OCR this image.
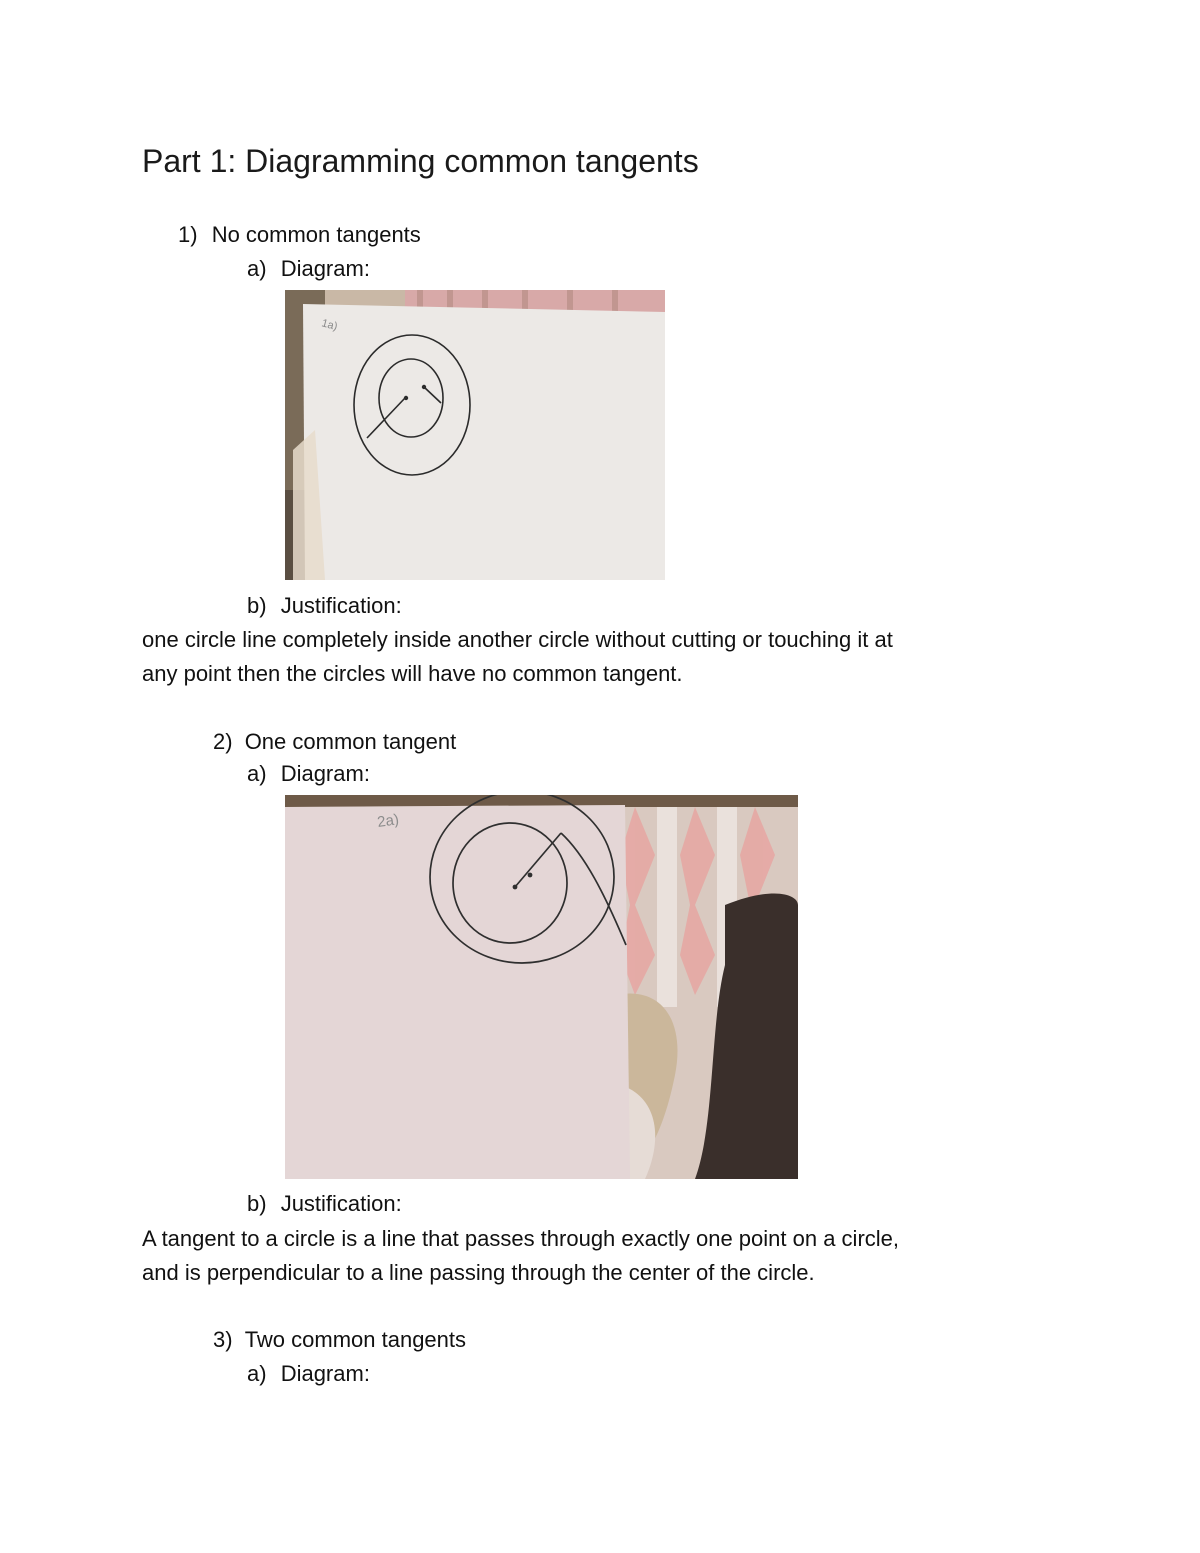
Part 1: Diagramming common tangents
1) No common tangents
a) Diagram:
1a)
b) Justification:
one circle line completely inside another circle without cutting or touching it at
any point then the circles will have no common tangent.
2) One common tangent
a) Diagram:
2a)
b) Justification:
A tangent to a circle is a line that passes through exactly one point on a circle,
and is perpendicular to a line passing through the center of the circle.
3) Two common tangents
a) Diagram:
